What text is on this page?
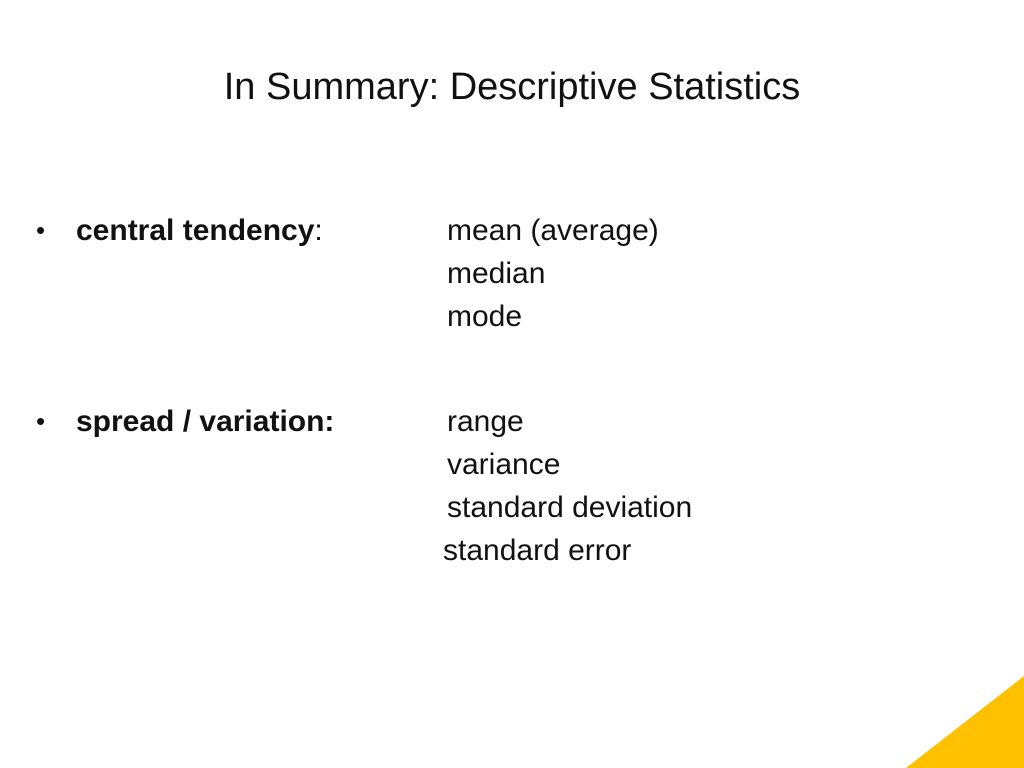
In Summary: Descriptive Statistics
•	central tendency:	mean (average)
median
mode
•	spread / variation:	range
variance
standard deviation
standard error
